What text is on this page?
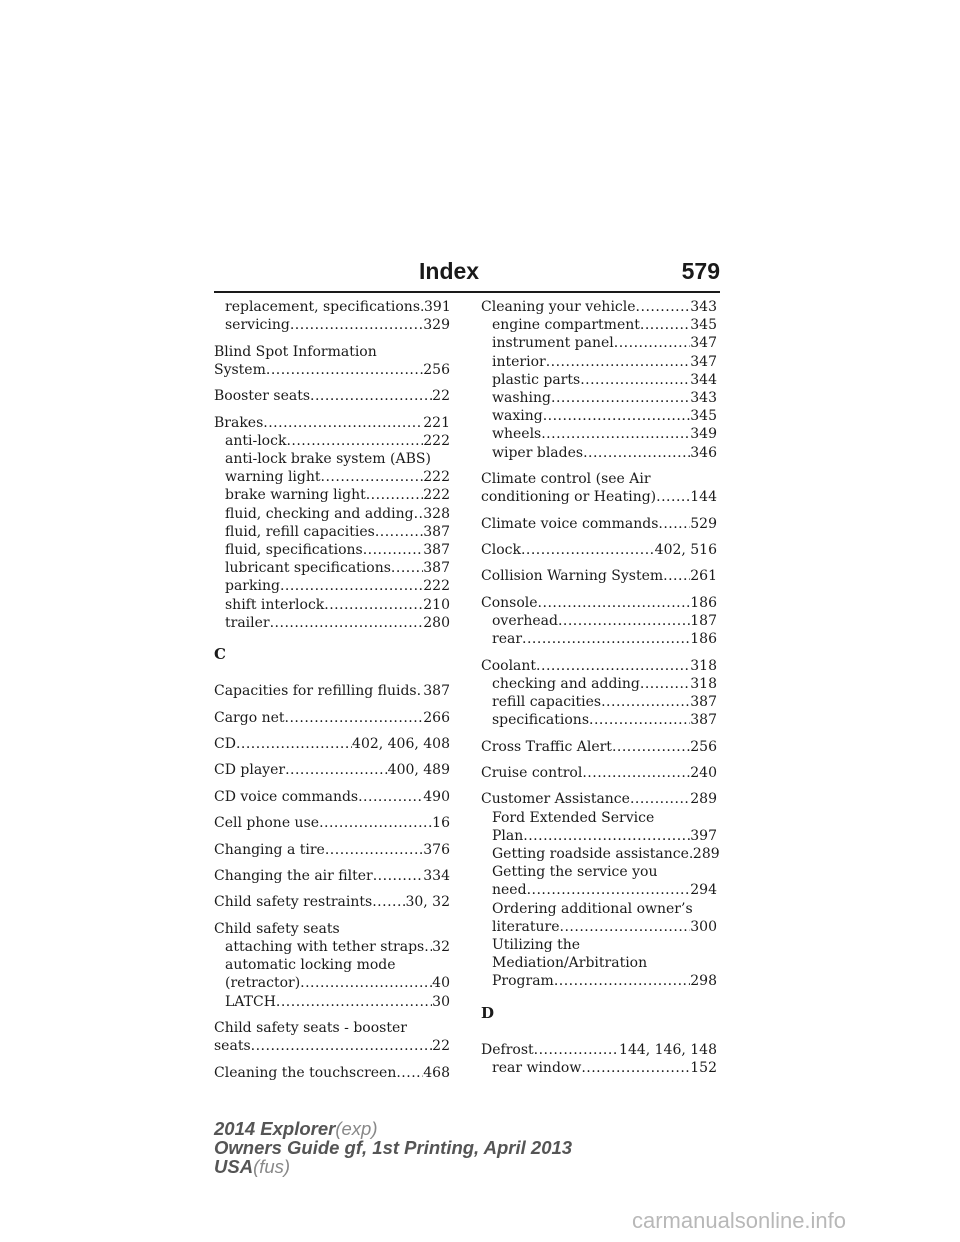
Index	579
replacement, specifications ..... 391
servicing .....	329
Blind Spot Information
System .....	256
Booster seats .....	22
Brakes .....	221
anti-lock .....	222
anti-lock brake system (ABS)
warning light .....	222
brake warning light .....	222
fluid, checking and adding ..... 328
fluid, refill capacities .....	387
fluid, specifications .....	387
lubricant specifications ..... 387
parking .....	222
shift interlock .....	210
trailer .....	280
C
Capacities for refilling fluids ..... 387
Cargo net .....	266
CD .....	402, 406, 408
CD player .....	400, 489
CD voice commands .....	490
Cell phone use .....	16
Changing a tire .....	376
Changing the air filter .....	334
Child safety restraints ..... 30, 32
Child safety seats
attaching with tether straps ..... 32
automatic locking mode
(retractor) .....	40
LATCH .....	30
Child safety seats - booster
seats .....	22
Cleaning the touchscreen ..... 468
Cleaning your vehicle .....	343
engine compartment .....	345
instrument panel .....	347
interior .....	347
plastic parts .....	344
washing .....	343
waxing .....	345
wheels .....	349
wiper blades .....	346
Climate control (see Air
conditioning or Heating) ..... 144
Climate voice commands ..... 529
Clock .....	402, 516
Collision Warning System ..... 261
Console .....	186
overhead .....	187
rear .....	186
Coolant .....	318
checking and adding .....	318
refill capacities .....	387
specifications .....	387
Cross Traffic Alert .....	256
Cruise control .....	240
Customer Assistance .....	289
Ford Extended Service
Plan .....	397
Getting roadside assistance ..... 289
Getting the service you
need .....	294
Ordering additional owner’s
literature .....	300
Utilizing the
Mediation/Arbitration
Program .....	298
D
Defrost .....	144, 146, 148
rear window .....	152
2014 Explorer(exp)
Owners Guide gf, 1st Printing, April 2013
USA(fus)
carmanualsonline.info
